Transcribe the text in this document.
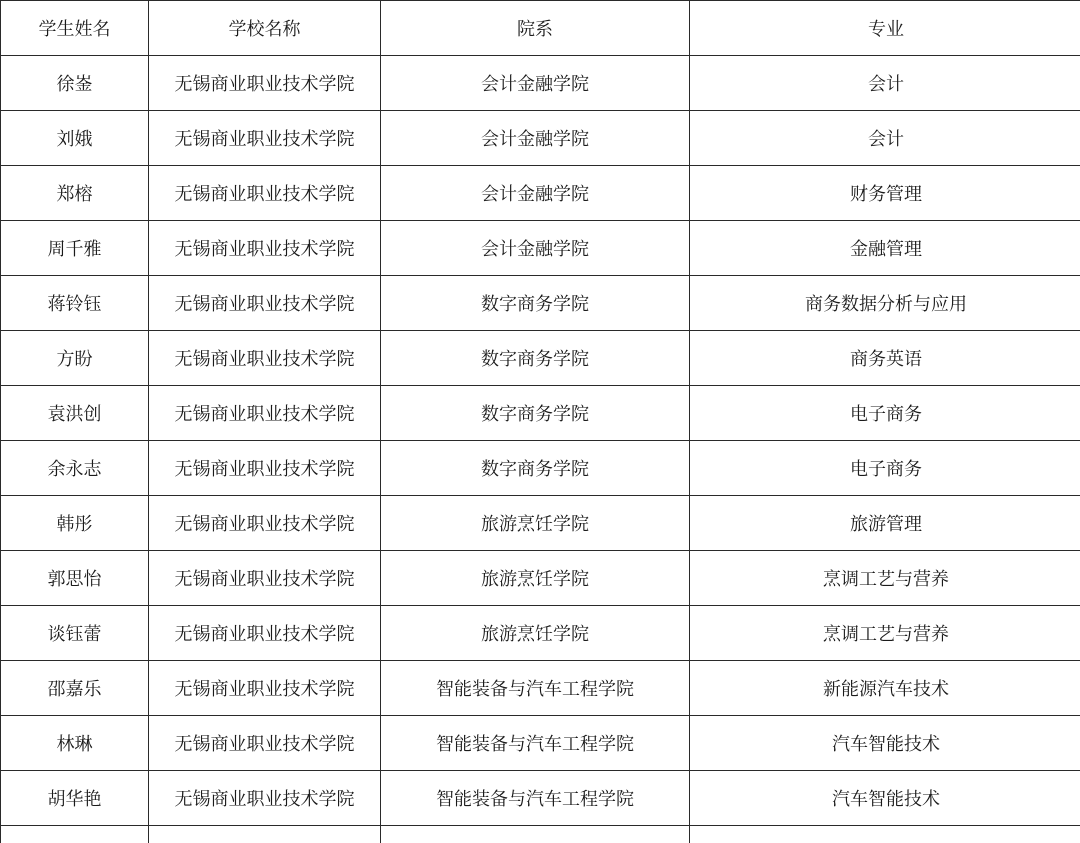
学生姓名	学校名称	院系	专业
徐崟	无锡商业职业技术学院	会计金融学院	会计
刘娥	无锡商业职业技术学院	会计金融学院	会计
郑榕	无锡商业职业技术学院	会计金融学院	财务管理
周千雅	无锡商业职业技术学院	会计金融学院	金融管理
蒋铃钰	无锡商业职业技术学院	数字商务学院	商务数据分析与应用
方盼	无锡商业职业技术学院	数字商务学院	商务英语
袁洪创	无锡商业职业技术学院	数字商务学院	电子商务
余永志	无锡商业职业技术学院	数字商务学院	电子商务
韩彤	无锡商业职业技术学院	旅游烹饪学院	旅游管理
郭思怡	无锡商业职业技术学院	旅游烹饪学院	烹调工艺与营养
谈钰蕾	无锡商业职业技术学院	旅游烹饪学院	烹调工艺与营养
邵嘉乐	无锡商业职业技术学院	智能装备与汽车工程学院	新能源汽车技术
林琳	无锡商业职业技术学院	智能装备与汽车工程学院	汽车智能技术
胡华艳	无锡商业职业技术学院	智能装备与汽车工程学院	汽车智能技术
